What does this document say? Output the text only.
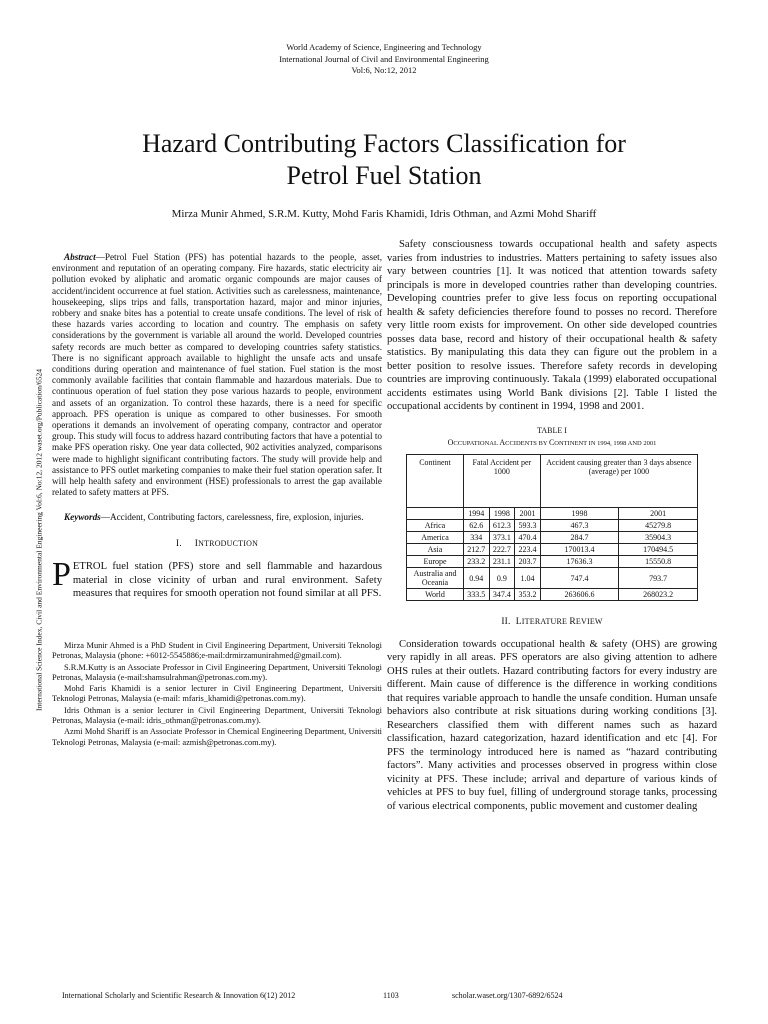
World Academy of Science, Engineering and Technology
International Journal of Civil and Environmental Engineering
Vol:6, No:12, 2012
Hazard Contributing Factors Classification for
Petrol Fuel Station
Mirza Munir Ahmed, S.R.M. Kutty, Mohd Faris Khamidi, Idris Othman, and Azmi Mohd Shariff
International Science Index, Civil and Environmental Engineering Vol:6, No:12, 2012 waset.org/Publication/6524

Abstract—Petrol Fuel Station (PFS) has potential hazards to the people, asset, environment and reputation of an operating company. Fire hazards, static electricity air pollution evoked by aliphatic and aromatic organic compounds are major causes of accident/incident occurrence at fuel station. Activities such as carelessness, maintenance, housekeeping, slips trips and falls, transportation hazard, major and minor injuries, robbery and snake bites has a potential to create unsafe conditions. The level of risk of these hazards varies according to location and country. The emphasis on safety considerations by the government is variable all around the world. Developed countries safety records are much better as compared to developing countries safety statistics. There is no significant approach available to highlight the unsafe acts and unsafe conditions during operation and maintenance of fuel station. Fuel station is the most commonly available facilities that contain flammable and hazardous materials. Due to continuous operation of fuel station they pose various hazards to people, environment and assets of an organization. To control these hazards, there is a need for specific approach. PFS operation is unique as compared to other businesses. For smooth operations it demands an involvement of operating company, contractor and operator group. This study will focus to address hazard contributing factors that have a potential to make PFS operation risky. One year data collected, 902 activities analyzed, comparisons were made to highlight significant contributing factors. The study will provide help and assistance to PFS outlet marketing companies to make their fuel station operation safer. It will help health safety and environment (HSE) professionals to arrest the gap available related to safety matters at PFS.

Keywords—Accident, Contributing factors, carelessness, fire, explosion, injuries.

I. INTRODUCTION

PETROL fuel station (PFS) store and sell flammable and hazardous material in close vicinity of urban and rural environment. Safety measures that requires for smooth operation not found similar at all PFS.

Mirza Munir Ahmed is a PhD Student in Civil Engineering Department, Universiti Teknologi Petronas, Malaysia (phone: +6012-5545886;e-mail:drmirzamunirahmed@gmail.com).

S.R.M.Kutty is an Associate Professor in Civil Engineering Department, Universiti Teknologi Petronas, Malaysia (e-mail:shamsulrahman@petronas.com.my).

Mohd Faris Khamidi is a senior lecturer in Civil Engineering Department, Universiti Teknologi Petronas, Malaysia (e-mail: mfaris_khamidi@petronas.com.my).

Idris Othman is a senior lecturer in Civil Engineering Department, Universiti Teknologi Petronas, Malaysia (e-mail: idris_othman@petronas.com.my).

Azmi Mohd Shariff is an Associate Professor in Chemical Engineering Department, Universiti Teknologi Petronas, Malaysia (e-mail: azmish@petronas.com.my).

Safety consciousness towards occupational health and safety aspects varies from industries to industries. Matters pertaining to safety issues also vary between countries [1]. It was noticed that attention towards safety principals is more in developed countries rather than developing countries. Developing countries prefer to give less focus on reporting occupational health & safety deficiencies therefore found to posses no record. Therefore very little room exists for improvement. On other side developed countries posses data base, record and history of their occupational health & safety statistics. By manipulating this data they can figure out the problem in a better position to resolve issues. Therefore safety records in developing countries are improving continuously. Takala (1999) elaborated occupational accidents estimates using World Bank divisions [2]. Table I listed the occupational accidents by continent in 1994, 1998 and 2001.

TABLE I
OCCUPATIONAL ACCIDENTS BY CONTINENT IN 1994, 1998 AND 2001
Continent	Fatal Accident per 1000			Accident causing greater than 3 days absence (average) per 1000	
	1994	1998	2001	1998	2001
Africa	62.6	612.3	593.3	467.3	45279.8
America	334	373.1	470.4	284.7	35904.3
Asia	212.7	222.7	223.4	170013.4	170494.5
Europe	233.2	231.1	203.7	17636.3	15550.8
Australia and Oceania	0.94	0.9	1.04	747.4	793.7
World	333.5	347.4	353.2	263606.6	268023.2
II. LITERATURE REVIEW

Consideration towards occupational health & safety (OHS) are growing very rapidly in all areas. PFS operators are also giving attention to adhere OHS rules at their outlets. Hazard contributing factors for every industry are different. Main cause of difference is the difference in working conditions that requires variable approach to handle the unsafe condition. Human unsafe behaviors also contribute at risk situations during working conditions [3]. Researchers classified them with different names such as hazard classification, hazard categorization, hazard identification and etc [4]. For PFS the terminology introduced here is named as “hazard contributing factors”. Many activities and processes observed in progress within close vicinity at PFS. These include; arrival and departure of various kinds of vehicles at PFS to buy fuel, filling of underground storage tanks, processing of various electrical components, public movement and customer dealing

International Scholarly and Scientific Research & Innovation 6(12) 2012	1103	scholar.waset.org/1307-6892/6524
